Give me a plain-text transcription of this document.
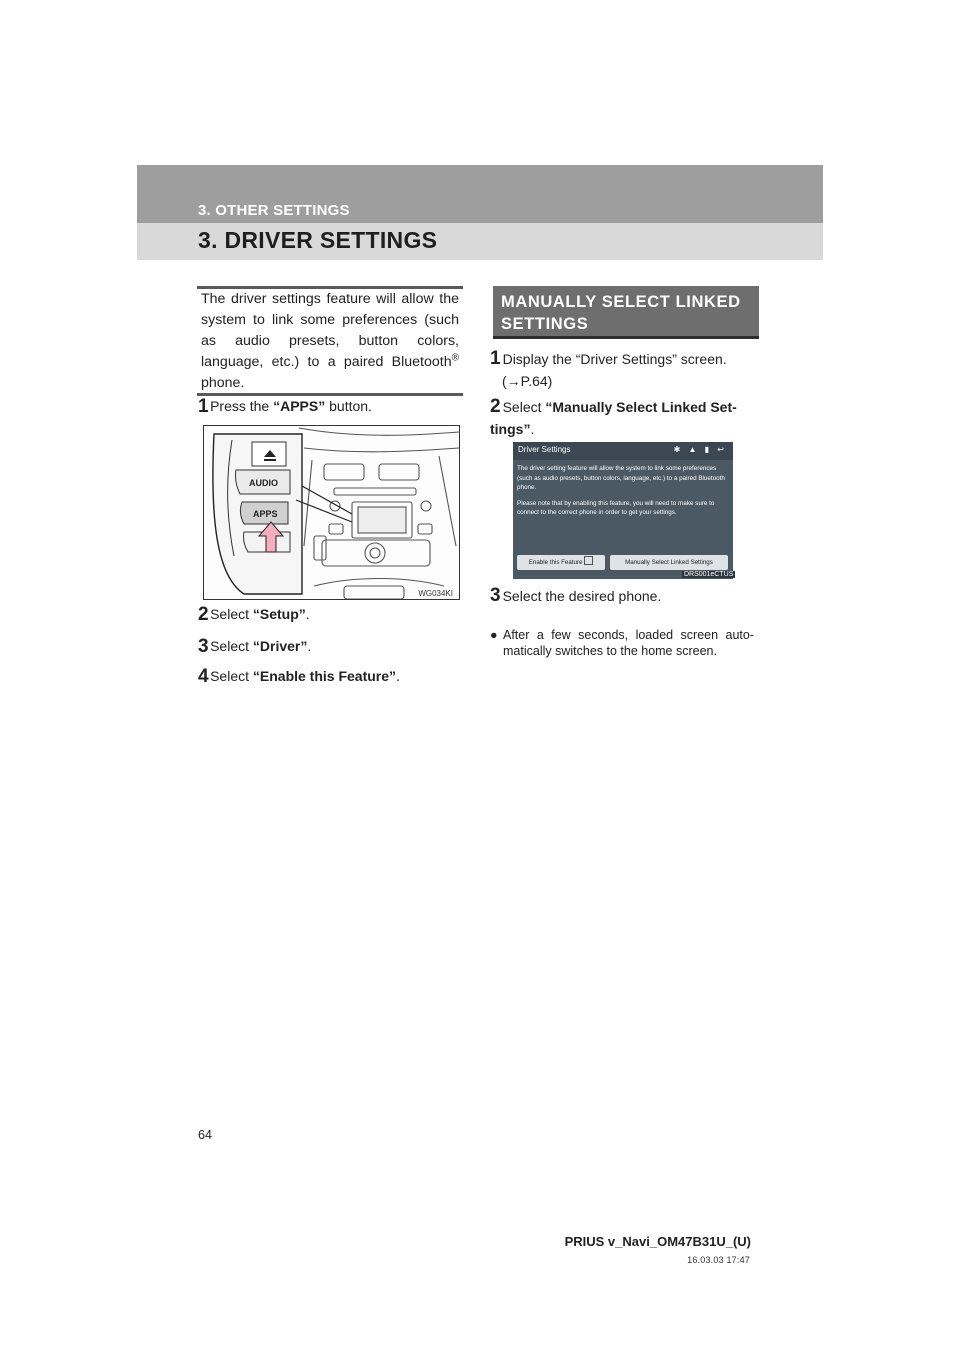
3. OTHER SETTINGS
3. DRIVER SETTINGS
The driver settings feature will allow the system to link some preferences (such as audio presets, button colors, language, etc.) to a paired Bluetooth® phone.
1 Press the “APPS” button.
AUDIO
APPS
WG034KI
2 Select “Setup”.
3 Select “Driver”.
4 Select “Enable this Feature”.
MANUALLY SELECT LINKED SETTINGS
1 Display the “Driver Settings” screen.
(→P.64)
2 Select “Manually Select Linked Set-tings”.
Driver Settings	✱ ▲ ▮ ↩
The driver setting feature will allow the system to link some preferences (such as audio presets, button colors, language, etc.) to a paired Bluetooth phone.
Please note that by enabling this feature, you will need to make sure to connect to the correct phone in order to get your settings.
Enable this Feature	Manually Select Linked Settings
DRS001eCTUS
3 Select the desired phone.
● After a few seconds, loaded screen auto-matically switches to the home screen.
64
PRIUS v_Navi_OM47B31U_(U)
16.03.03 17:47
